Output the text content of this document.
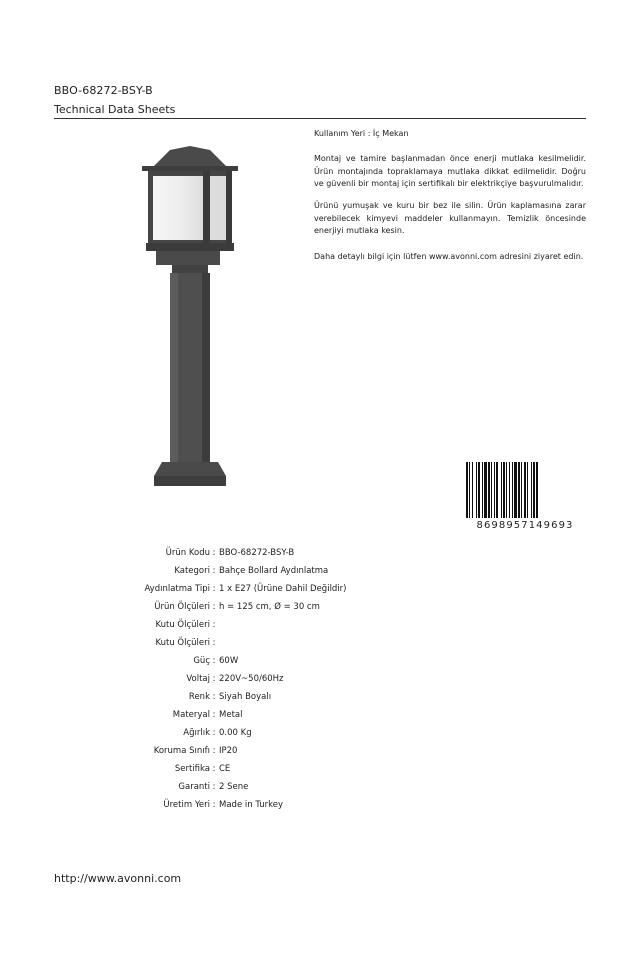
BBO-68272-BSY-B
Technical Data Sheets
Kullanım Yeri : İç Mekan
Montaj ve tamire başlanmadan önce enerji mutlaka kesilmelidir. Ürün montajında topraklamaya mutlaka dikkat edilmelidir. Doğru ve güvenli bir montaj için sertifikalı bir elektrikçiye başvurulmalıdır.
Ürünü yumuşak ve kuru bir bez ile silin. Ürün kaplamasına zarar verebilecek kimyevi maddeler kullanmayın. Temizlik öncesinde enerjiyi mutlaka kesin.
Daha detaylı bilgi için lütfen www.avonni.com adresini ziyaret edin.
8698957149693
Ürün Kodu : BBO-68272-BSY-B
Kategori : Bahçe Bollard Aydınlatma
Aydınlatma Tipi : 1 x E27 (Ürüne Dahil Değildir)
Ürün Ölçüleri : h = 125 cm, Ø = 30 cm
Kutu Ölçüleri :
Kutu Ölçüleri :
Güç : 60W
Voltaj : 220V~50/60Hz
Renk : Siyah Boyalı
Materyal : Metal
Ağırlık : 0.00 Kg
Koruma Sınıfı : IP20
Sertifika : CE
Garanti : 2 Sene
Üretim Yeri : Made in Turkey
http://www.avonni.com
